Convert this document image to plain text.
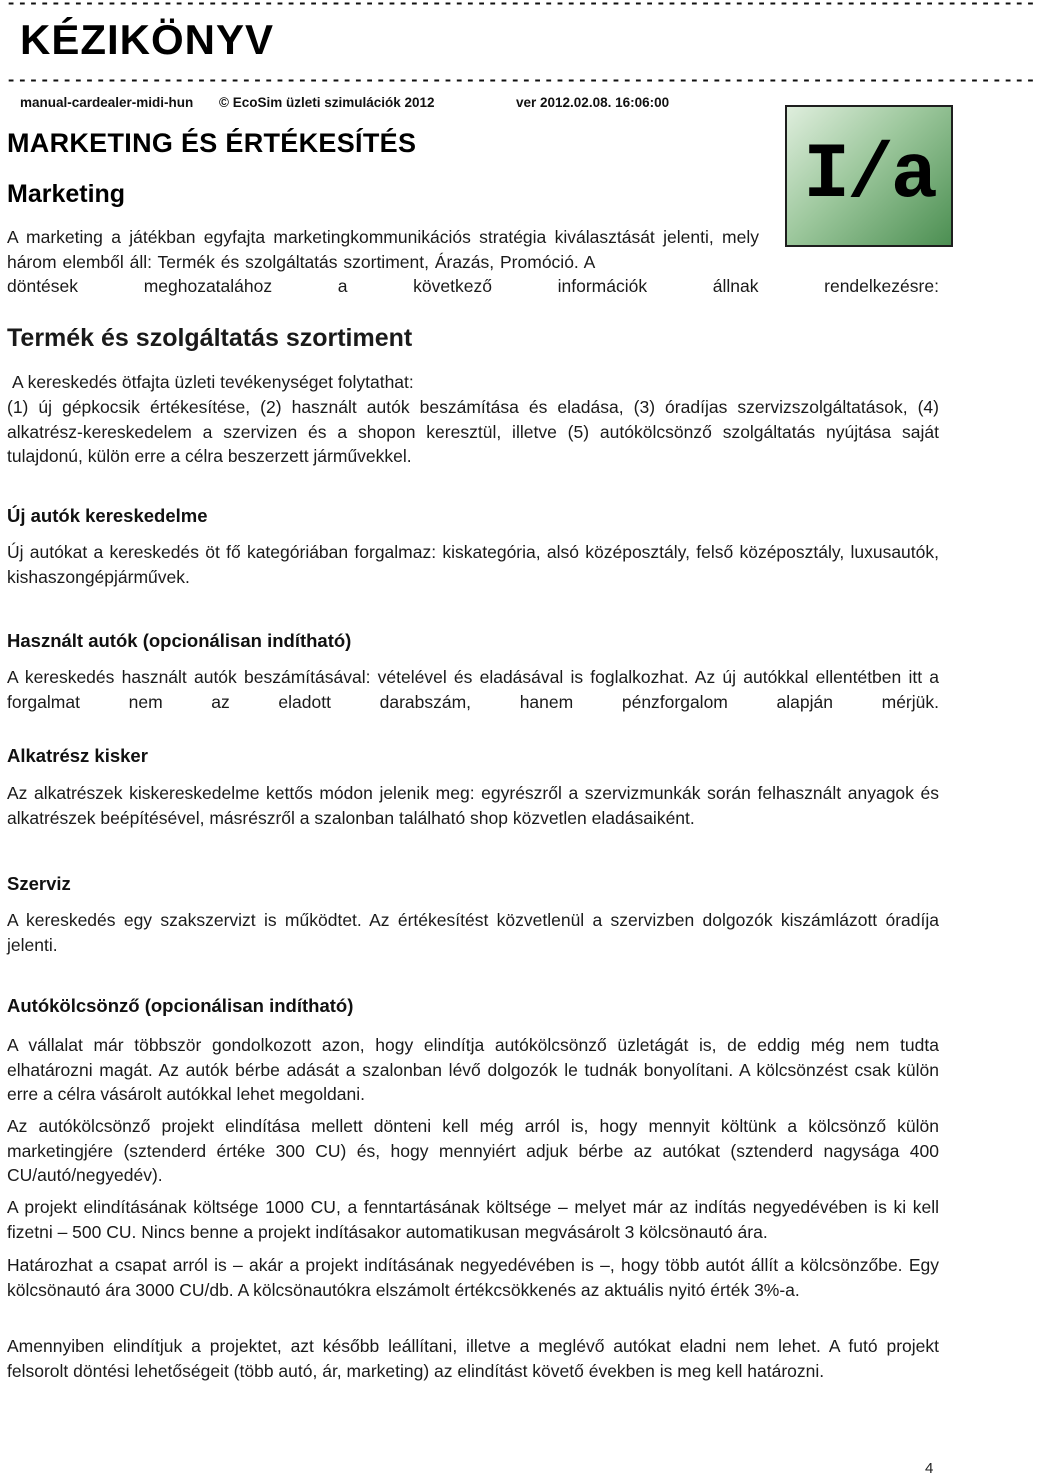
--------------------------------------------------------------------------------------------
KÉZIKÖNYV
--------------------------------------------------------------------------------------------
manual-cardealer-midi-hun © EcoSim üzleti szimulációk 2012	ver 2012.02.08. 16:06:00
I/a
MARKETING ÉS ÉRTÉKESÍTÉS
Marketing
A marketing a játékban egyfajta marketingkommunikációs stratégia kiválasztását jelenti, mely három elemből áll: Termék és szolgáltatás szortiment, Árazás, Promóció. A
döntések	meghozatalához	a	következő	információk	állnak	rendelkezésre:
Termék és szolgáltatás szortiment
A kereskedés ötfajta üzleti tevékenységet folytathat:
(1) új gépkocsik értékesítése, (2) használt autók beszámítása és eladása, (3) óradíjas szervizszolgáltatások, (4) alkatrész-kereskedelem a szervizen és a shopon keresztül, illetve (5) autókölcsönző szolgáltatás nyújtása saját tulajdonú, külön erre a célra beszerzett járművekkel.
Új autók kereskedelme
Új autókat a kereskedés öt fő kategóriában forgalmaz: kiskategória, alsó középosztály, felső középosztály, luxusautók, kishaszongépjárművek.
Használt autók (opcionálisan indítható)
A kereskedés használt autók beszámításával: vételével és eladásával is foglalkozhat. Az új autókkal ellentétben itt a forgalmat nem az eladott darabszám, hanem pénzforgalom alapján mérjük.
Alkatrész kisker
Az alkatrészek kiskereskedelme kettős módon jelenik meg: egyrészről a szervizmunkák során felhasznált anyagok és alkatrészek beépítésével, másrészről a szalonban található shop közvetlen eladásaiként.
Szerviz
A kereskedés egy szakszervizt is működtet. Az értékesítést közvetlenül a szervizben dolgozók kiszámlázott óradíja jelenti.
Autókölcsönző (opcionálisan indítható)
A vállalat már többször gondolkozott azon, hogy elindítja autókölcsönző üzletágát is, de eddig még nem tudta elhatározni magát. Az autók bérbe adását a szalonban lévő dolgozók le tudnák bonyolítani. A kölcsönzést csak külön erre a célra vásárolt autókkal lehet megoldani.
Az autókölcsönző projekt elindítása mellett dönteni kell még arról is, hogy mennyit költünk a kölcsönző külön marketingjére (sztenderd értéke 300 CU) és, hogy mennyiért adjuk bérbe az autókat (sztenderd nagysága 400 CU/autó/negyedév).
A projekt elindításának költsége 1000 CU, a fenntartásának költsége – melyet már az indítás negyedévében is ki kell fizetni – 500 CU. Nincs benne a projekt indításakor automatikusan megvásárolt 3 kölcsönautó ára.
Határozhat a csapat arról is – akár a projekt indításának negyedévében is –, hogy több autót állít a kölcsönzőbe. Egy kölcsönautó ára 3000 CU/db. A kölcsönautókra elszámolt értékcsökkenés az aktuális nyitó érték 3%-a.
Amennyiben elindítjuk a projektet, azt később leállítani, illetve a meglévő autókat eladni nem lehet. A futó projekt felsorolt döntési lehetőségeit (több autó, ár, marketing) az elindítást követő években is meg kell határozni.
4
